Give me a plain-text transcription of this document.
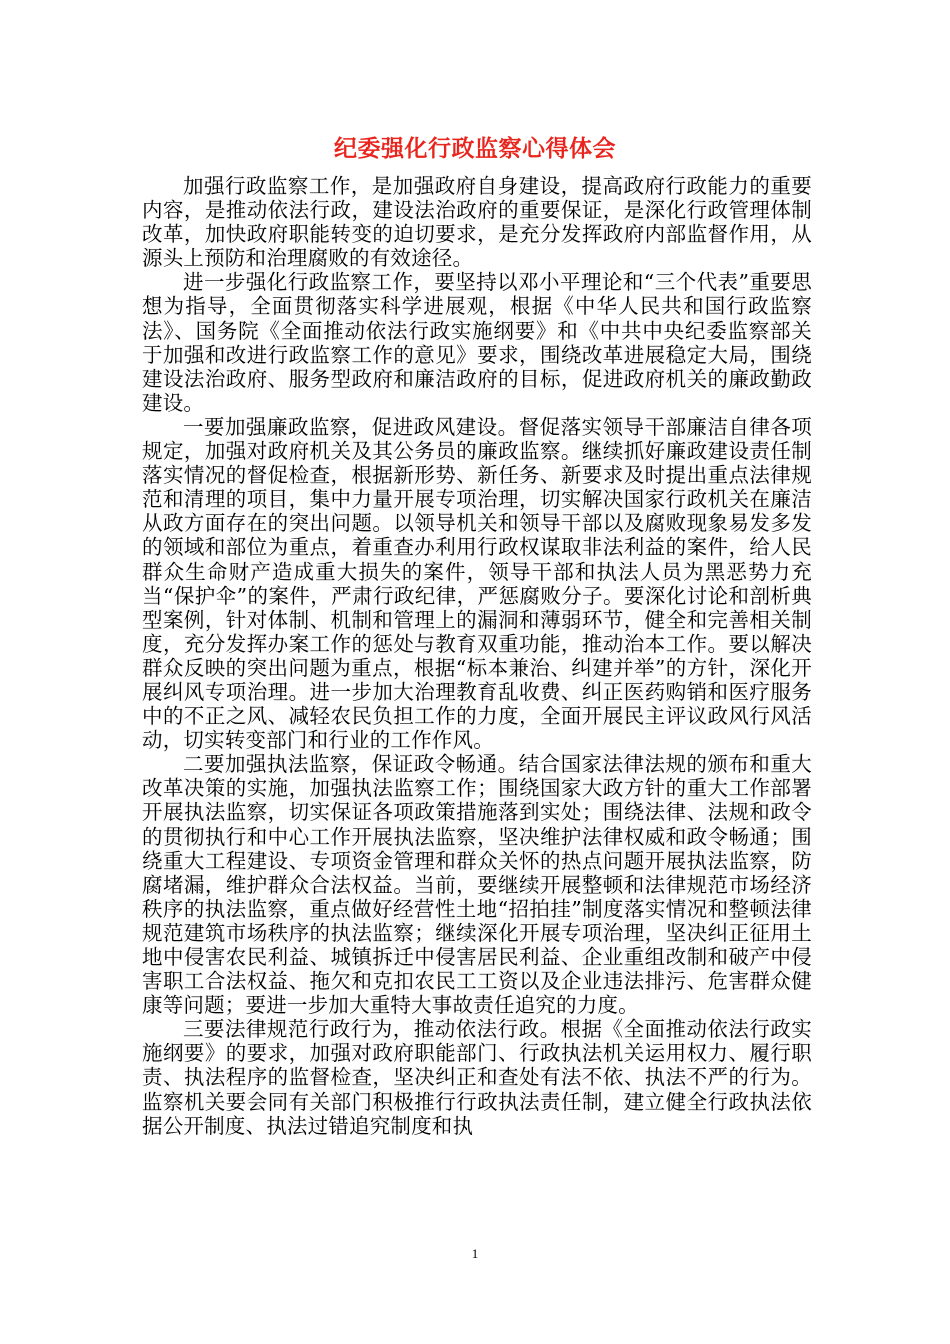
纪委强化行政监察心得体会

加强行政监察工作，是加强政府自身建设，提高政府行政能力的重要内容，是推动依法行政，建设法治政府的重要保证，是深化行政管理体制改革，加快政府职能转变的迫切要求，是充分发挥政府内部监督作用，从源头上预防和治理腐败的有效途径。

进一步强化行政监察工作，要坚持以邓小平理论和“三个代表”重要思想为指导，全面贯彻落实科学进展观，根据《中华人民共和国行政监察法》、国务院《全面推动依法行政实施纲要》和《中共中央纪委监察部关于加强和改进行政监察工作的意见》要求，围绕改革进展稳定大局，围绕建设法治政府、服务型政府和廉洁政府的目标，促进政府机关的廉政勤政建设。

一要加强廉政监察，促进政风建设。督促落实领导干部廉洁自律各项规定，加强对政府机关及其公务员的廉政监察。继续抓好廉政建设责任制落实情况的督促检查，根据新形势、新任务、新要求及时提出重点法律规范和清理的项目，集中力量开展专项治理，切实解决国家行政机关在廉洁从政方面存在的突出问题。以领导机关和领导干部以及腐败现象易发多发的领域和部位为重点，着重查办利用行政权谋取非法利益的案件，给人民群众生命财产造成重大损失的案件，领导干部和执法人员为黑恶势力充当“保护伞”的案件，严肃行政纪律，严惩腐败分子。要深化讨论和剖析典型案例，针对体制、机制和管理上的漏洞和薄弱环节，健全和完善相关制度，充分发挥办案工作的惩处与教育双重功能，推动治本工作。要以解决群众反映的突出问题为重点，根据“标本兼治、纠建并举”的方针，深化开展纠风专项治理。进一步加大治理教育乱收费、纠正医药购销和医疗服务中的不正之风、减轻农民负担工作的力度，全面开展民主评议政风行风活动，切实转变部门和行业的工作作风。

二要加强执法监察，保证政令畅通。结合国家法律法规的颁布和重大改革决策的实施，加强执法监察工作；围绕国家大政方针的重大工作部署开展执法监察，切实保证各项政策措施落到实处；围绕法律、法规和政令的贯彻执行和中心工作开展执法监察，坚决维护法律权威和政令畅通；围绕重大工程建设、专项资金管理和群众关怀的热点问题开展执法监察，防腐堵漏，维护群众合法权益。当前，要继续开展整顿和法律规范市场经济秩序的执法监察，重点做好经营性土地“招拍挂”制度落实情况和整顿法律规范建筑市场秩序的执法监察；继续深化开展专项治理，坚决纠正征用土地中侵害农民利益、城镇拆迁中侵害居民利益、企业重组改制和破产中侵害职工合法权益、拖欠和克扣农民工工资以及企业违法排污、危害群众健康等问题；要进一步加大重特大事故责任追究的力度。

三要法律规范行政行为，推动依法行政。根据《全面推动依法行政实施纲要》的要求，加强对政府职能部门、行政执法机关运用权力、履行职责、执法程序的监督检查，坚决纠正和查处有法不依、执法不严的行为。监察机关要会同有关部门积极推行行政执法责任制，建立健全行政执法依据公开制度、执法过错追究制度和执

1
